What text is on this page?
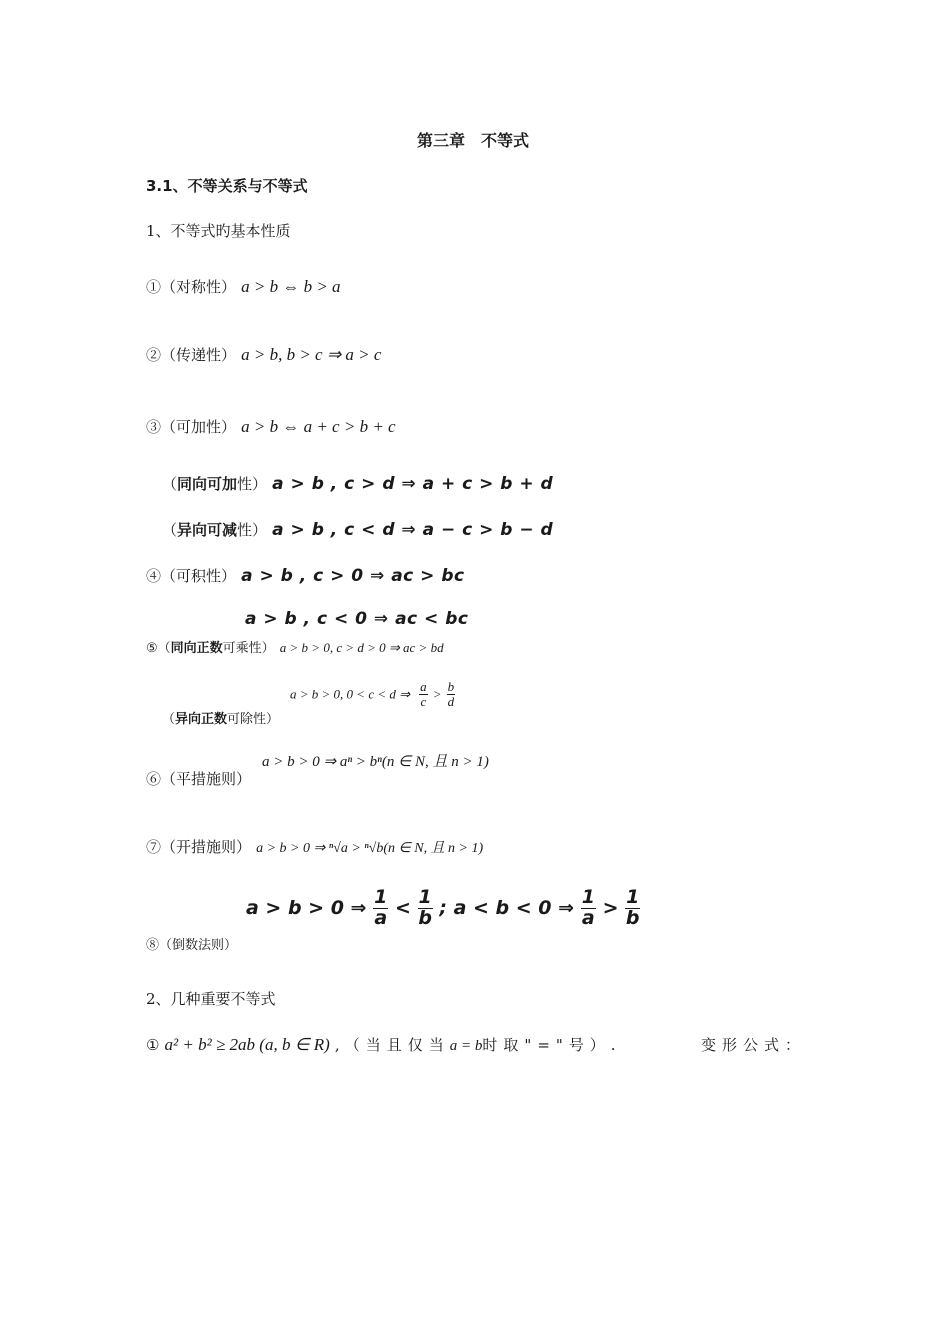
第三章　不等式
3.1、不等关系与不等式
1、不等式旳基本性质
①（对称性） a > b ⇔ b > a
②（传递性） a > b, b > c ⇒ a > c
③（可加性） a > b ⇔ a + c > b + c
（同向可加性） a > b , c > d ⇒ a + c > b + d
（异向可减性） a > b , c < d ⇒ a − c > b − d
④（可积性） a > b , c > 0 ⇒ ac > bc
a > b , c < 0 ⇒ ac < bc
⑤（同向正数可乘性） a > b > 0, c > d > 0 ⇒ ac > bd
a > b > 0, 0 < c < d ⇒ $\frac{a}{c} > \frac{b}{d}$
（异向正数可除性）
a > b > 0 ⇒ aⁿ > bⁿ(n ∈ N, 且 n > 1)
⑥（平措施则）
⑦（开措施则） a > b > 0 ⇒ ⁿ√a > ⁿ√b(n ∈ N, 且 n > 1)
a > b > 0 ⇒ $\frac{1}{a} < \frac{1}{b}$ ; a < b < 0 ⇒ $\frac{1}{a} > \frac{1}{b}$
⑧（倒数法则）
2、几种重要不等式
① a² + b² ≥ 2ab (a, b ∈ R) , （当且仅当a = b时取"="号）.	变形公式：
